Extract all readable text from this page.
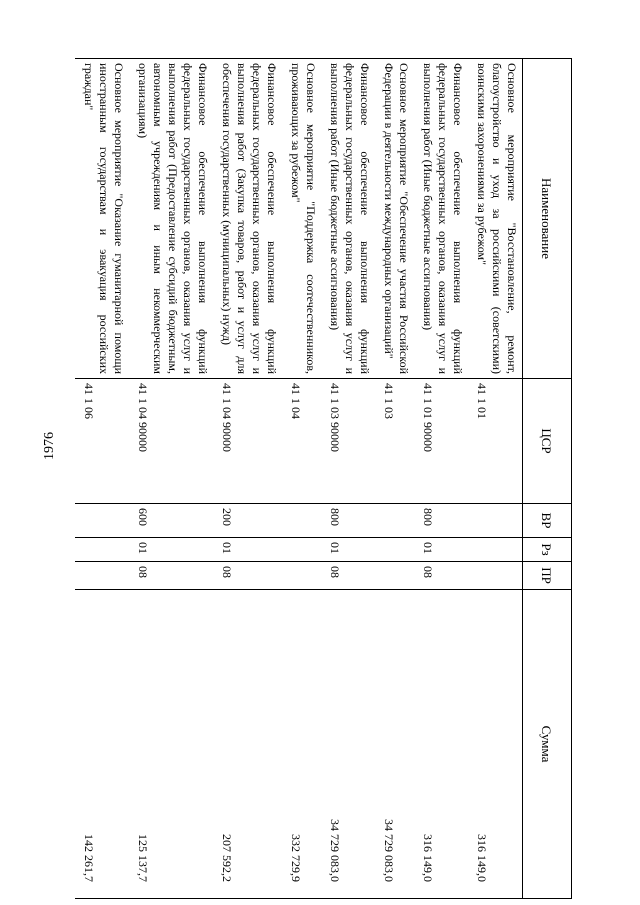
1976
Наименование	ЦСР	ВР	Рз	ПР	Сумма
Основное мероприятие "Восстановление, ремонт, благоустройство и уход за российскими (советскими) воинскими захоронениями за рубежом"	41 1 01				316 149,0
Финансовое обеспечение выполнения функций федеральных государственных органов, оказания услуг и выполнения работ (Иные бюджетные ассигнования)	41 1 01 90000	800	01	08	316 149,0
Основное мероприятие "Обеспечение участия Российской Федерации в деятельности международных организаций"	41 1 03				34 729 083,0
Финансовое обеспечение выполнения функций федеральных государственных органов, оказания услуг и выполнения работ (Иные бюджетные ассигнования)	41 1 03 90000	800	01	08	34 729 083,0
Основное мероприятие "Поддержка соотечественников, проживающих за рубежом"	41 1 04				332 729,9
Финансовое обеспечение выполнения функций федеральных государственных органов, оказания услуг и выполнения работ (Закупка товаров, работ и услуг для обеспечения государственных (муниципальных) нужд)	41 1 04 90000	200	01	08	207 592,2
Финансовое обеспечение выполнения функций федеральных государственных органов, оказания услуг и выполнения работ (Предоставление субсидий бюджетным, автономным учреждениям и иным некоммерческим организациям)	41 1 04 90000	600	01	08	125 137,7
Основное мероприятие "Оказание гуманитарной помощи иностранным государствам и эвакуация российских граждан"	41 1 06				142 261,7
